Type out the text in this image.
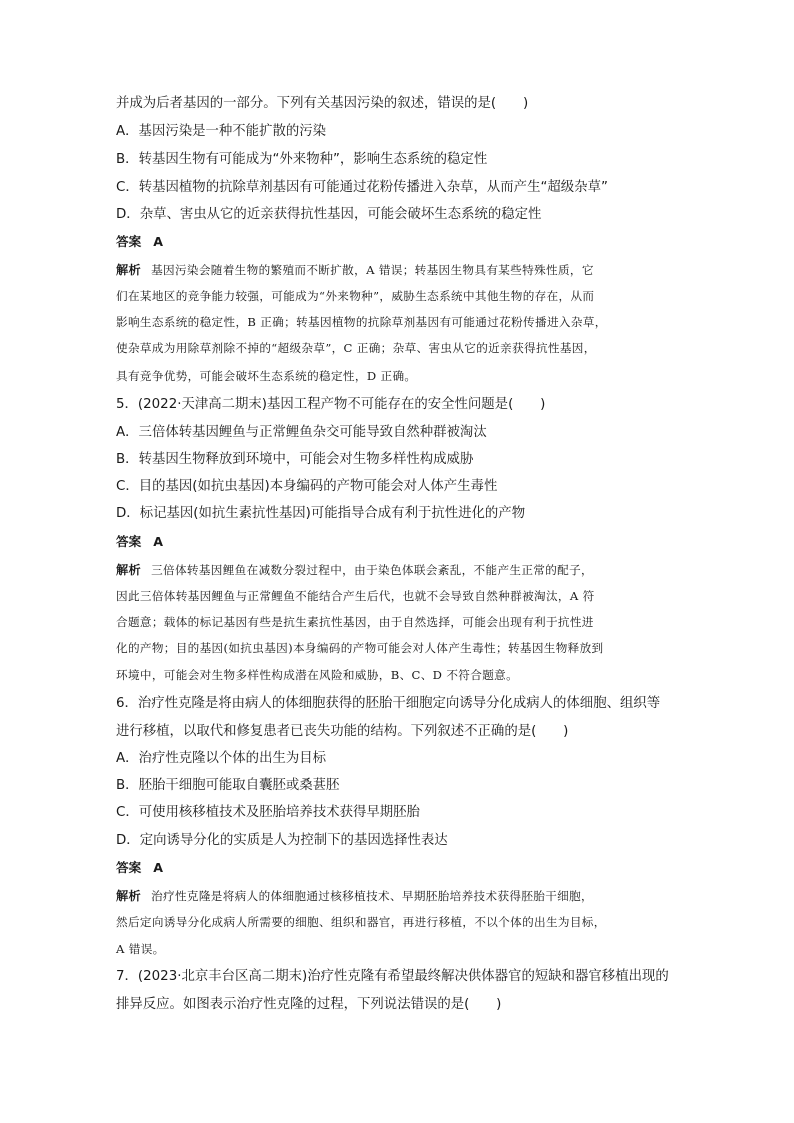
并成为后者基因的一部分。下列有关基因污染的叙述，错误的是(　　)
A．基因污染是一种不能扩散的污染
B．转基因生物有可能成为“外来物种”，影响生态系统的稳定性
C．转基因植物的抗除草剂基因有可能通过花粉传播进入杂草，从而产生“超级杂草”
D．杂草、害虫从它的近亲获得抗性基因，可能会破坏生态系统的稳定性
答案 A
解析 基因污染会随着生物的繁殖而不断扩散，A 错误；转基因生物具有某些特殊性质，它
们在某地区的竞争能力较强，可能成为“外来物种”，威胁生态系统中其他生物的存在，从而
影响生态系统的稳定性，B 正确；转基因植物的抗除草剂基因有可能通过花粉传播进入杂草，
使杂草成为用除草剂除不掉的“超级杂草”，C 正确；杂草、害虫从它的近亲获得抗性基因，
具有竞争优势，可能会破坏生态系统的稳定性，D 正确。
5．(2022·天津高二期末)基因工程产物不可能存在的安全性问题是(　　)
A．三倍体转基因鲤鱼与正常鲤鱼杂交可能导致自然种群被淘汰
B．转基因生物释放到环境中，可能会对生物多样性构成威胁
C．目的基因(如抗虫基因)本身编码的产物可能会对人体产生毒性
D．标记基因(如抗生素抗性基因)可能指导合成有利于抗性进化的产物
答案 A
解析 三倍体转基因鲤鱼在减数分裂过程中，由于染色体联会紊乱，不能产生正常的配子，
因此三倍体转基因鲤鱼与正常鲤鱼不能结合产生后代，也就不会导致自然种群被淘汰，A 符
合题意；载体的标记基因有些是抗生素抗性基因，由于自然选择，可能会出现有利于抗性进
化的产物；目的基因(如抗虫基因)本身编码的产物可能会对人体产生毒性；转基因生物释放到
环境中，可能会对生物多样性构成潜在风险和威胁，B、C、D 不符合题意。
6．治疗性克隆是将由病人的体细胞获得的胚胎干细胞定向诱导分化成病人的体细胞、组织等
进行移植，以取代和修复患者已丧失功能的结构。下列叙述不正确的是(　　)
A．治疗性克隆以个体的出生为目标
B．胚胎干细胞可能取自囊胚或桑葚胚
C．可使用核移植技术及胚胎培养技术获得早期胚胎
D．定向诱导分化的实质是人为控制下的基因选择性表达
答案 A
解析 治疗性克隆是将病人的体细胞通过核移植技术、早期胚胎培养技术获得胚胎干细胞，
然后定向诱导分化成病人所需要的细胞、组织和器官，再进行移植，不以个体的出生为目标，
A 错误。
7．(2023·北京丰台区高二期末)治疗性克隆有希望最终解决供体器官的短缺和器官移植出现的
排异反应。如图表示治疗性克隆的过程，下列说法错误的是(　　)
